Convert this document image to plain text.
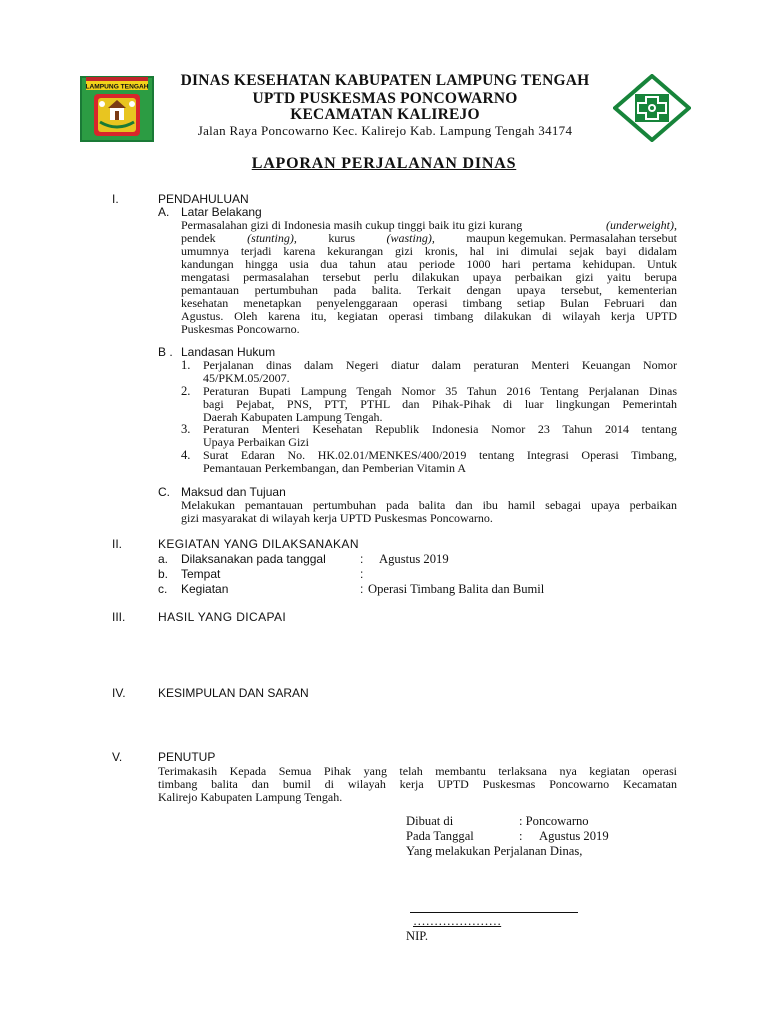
LAMPUNG TENGAH	DINAS KESEHATAN KABUPATEN LAMPUNG TENGAH
UPTD PUSKESMAS PONCOWARNO
KECAMATAN KALIREJO
Jalan Raya Poncowarno Kec. Kalirejo Kab. Lampung Tengah 34174
LAPORAN PERJALANAN DINAS
I.	PENDAHULUAN
A. Latar Belakang
Permasalahan gizi di Indonesia masih cukup tinggi baik itu gizi kurang	(underweight),
pendek	(stunting),	kurus	(wasting),	maupun kegemukan. Permasalahan tersebut
umumnya terjadi karena kekurangan gizi kronis, hal ini dimulai sejak bayi didalam
kandungan hingga usia dua tahun atau periode 1000 hari pertama kehidupan. Untuk
mengatasi permasalahan tersebut perlu dilakukan upaya perbaikan gizi yaitu berupa
pemantauan pertumbuhan pada balita. Terkait dengan upaya tersebut, kementerian
kesehatan menetapkan penyelenggaraan operasi timbang setiap Bulan Februari dan
Agustus. Oleh karena itu, kegiatan operasi timbang dilakukan di wilayah kerja UPTD
Puskesmas Poncowarno.
B . Landasan Hukum
1. Perjalanan dinas dalam Negeri diatur dalam peraturan Menteri Keuangan Nomor
45/PKM.05/2007.
2. Peraturan Bupati Lampung Tengah Nomor 35 Tahun 2016 Tentang Perjalanan Dinas
bagi Pejabat, PNS, PTT, PTHL dan Pihak-Pihak di luar lingkungan Pemerintah
Daerah Kabupaten Lampung Tengah.
3. Peraturan Menteri Kesehatan Republik Indonesia Nomor 23 Tahun 2014 tentang
Upaya Perbaikan Gizi
4. Surat Edaran No. HK.02.01/MENKES/400/2019 tentang Integrasi Operasi Timbang,
Pemantauan Perkembangan, dan Pemberian Vitamin A
C. Maksud dan Tujuan
Melakukan pemantauan pertumbuhan pada balita dan ibu hamil sebagai upaya perbaikan
gizi masyarakat di wilayah kerja UPTD Puskesmas Poncowarno.
II.	KEGIATAN YANG DILAKSANAKAN
a. Dilaksanakan pada tanggal	: Agustus 2019
b. Tempat	:
c. Kegiatan	: Operasi Timbang Balita dan Bumil
III.	HASIL YANG DICAPAI
IV.	KESIMPULAN DAN SARAN
V.	PENUTUP
Terimakasih Kepada Semua Pihak yang telah membantu terlaksana nya kegiatan operasi
timbang balita dan bumil di wilayah kerja UPTD Puskesmas Poncowarno Kecamatan
Kalirejo Kabupaten Lampung Tengah.
Dibuat di	: Poncowarno
Pada Tanggal	: Agustus 2019
Yang melakukan Perjalanan Dinas,
…………………
NIP.
